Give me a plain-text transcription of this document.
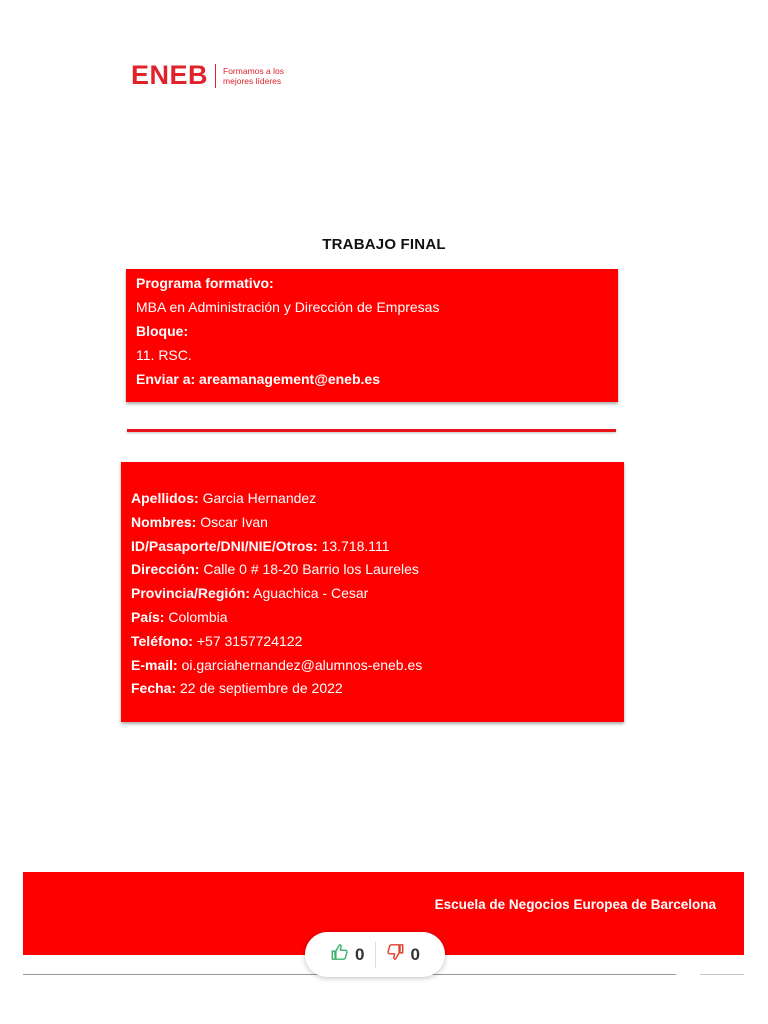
ENEB Formamos a los
mejores líderes
TRABAJO FINAL
Programa formativo:
MBA en Administración y Dirección de Empresas
Bloque:
11. RSC.
Enviar a: areamanagement@eneb.es
Apellidos: Garcia Hernandez
Nombres: Oscar Ivan
ID/Pasaporte/DNI/NIE/Otros: 13.718.111
Dirección: Calle 0 # 18-20 Barrio los Laureles
Provincia/Región: Aguachica - Cesar
País: Colombia
Teléfono: +57 3157724122
E-mail: oi.garciahernandez@alumnos-eneb.es
Fecha: 22 de septiembre de 2022
Escuela de Negocios Europea de Barcelona
0	0
